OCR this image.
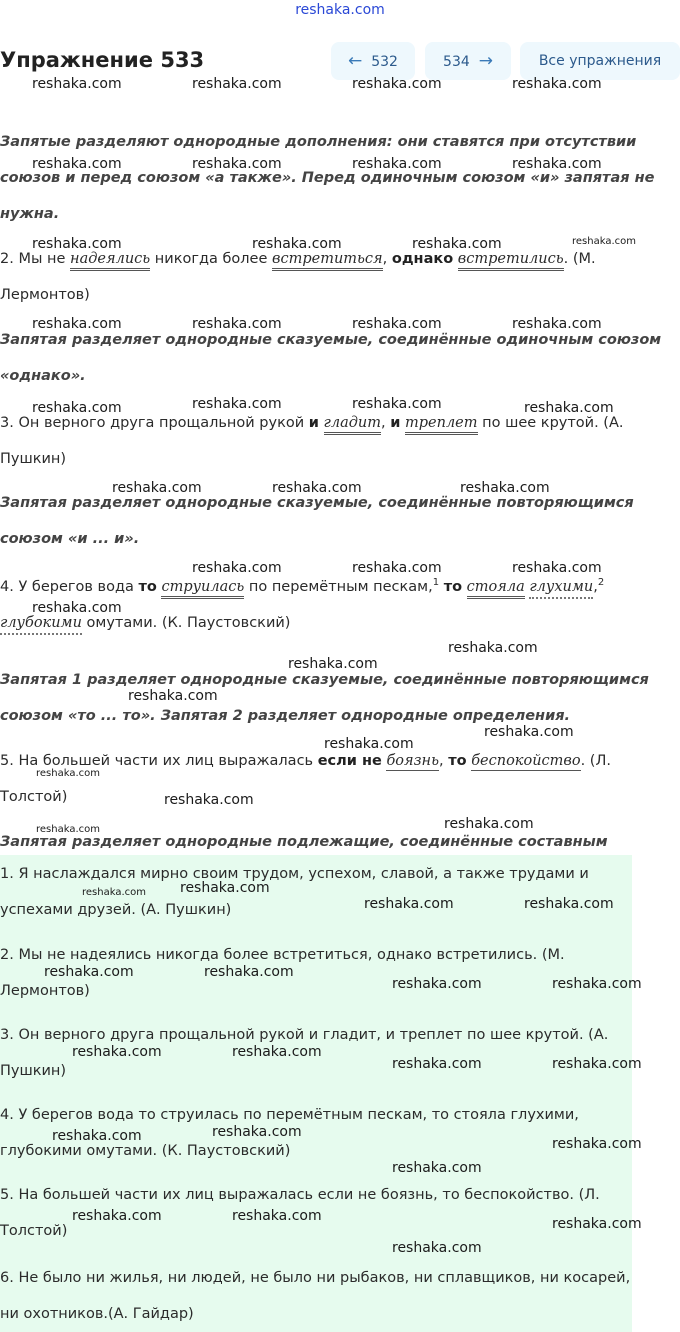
reshaka.com
Упражнение 533	← 532	534 →	Все упражнения
Запятые разделяют однородные дополнения: они ставятся при отсутствии союзов и перед союзом «а также». Перед одиночным союзом «и» запятая не нужна.
2. Мы не надеялись никогда более встретиться, однако встретились. (М. Лермонтов)
Запятая разделяет однородные сказуемые, соединённые одиночным союзом «однако».
3. Он верного друга прощальной рукой и гладит, и треплет по шее крутой. (А. Пушкин)
Запятая разделяет однородные сказуемые, соединённые повторяющимся союзом «и ... и».
4. У берегов вода то струилась по перемётным пескам,$^1$ то стояла глухими,$^2$ глубокими омутами. (К. Паустовский)
Запятая 1 разделяет однородные сказуемые, соединённые повторяющимся союзом «то ... то». Запятая 2 разделяет однородные определения.
5. На большей части их лиц выражалась если не боязнь, то беспокойство. (Л. Толстой)
Запятая разделяет однородные подлежащие, соединённые составным
1. Я наслаждался мирно своим трудом, успехом, славой, а также трудами и успехами друзей. (А. Пушкин)
2. Мы не надеялись никогда более встретиться, однако встретились. (М. Лермонтов)
3. Он верного друга прощальной рукой и гладит, и треплет по шее крутой. (А. Пушкин)
4. У берегов вода то струилась по перемётным пескам, то стояла глухими, глубокими омутами. (К. Паустовский)
5. На большей части их лиц выражалась если не боязнь, то беспокойство. (Л. Толстой)
6. Не было ни жилья, ни людей, не было ни рыбаков, ни сплавщиков, ни косарей, ни охотников.(А. Гайдар)
reshaka.com	reshaka.com	reshaka.com	reshaka.com
reshaka.com	reshaka.com	reshaka.com	reshaka.com
reshaka.com	reshaka.com	reshaka.com
reshaka.com	reshaka.com	reshaka.com	reshaka.com
reshaka.com	reshaka.com	reshaka.com	reshaka.com
reshaka.com	reshaka.com	reshaka.com
reshaka.com	reshaka.com	reshaka.com
reshaka.com
reshaka.com
reshaka.com
reshaka.com
reshaka.com
reshaka.com
reshaka.com
reshaka.com
reshaka.com
reshaka.com	reshaka.com
reshaka.com	reshaka.com
reshaka.com	reshaka.com
reshaka.com	reshaka.com
reshaka.com	reshaka.com
reshaka.com	reshaka.com
reshaka.com
reshaka.com
reshaka.com	reshaka.com	reshaka.com
reshaka.com
reshaka.com
reshaka.com
reshaka.com
reshaka.com
